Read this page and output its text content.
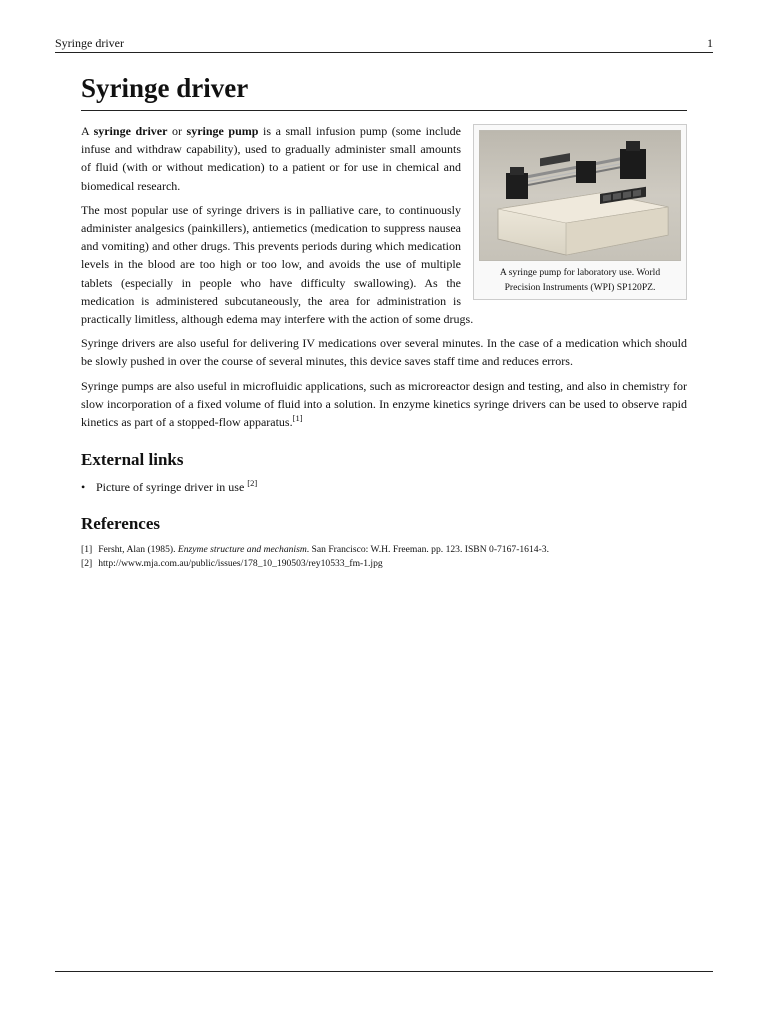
Syringe driver	1
Syringe driver
A syringe pump for laboratory use. World Precision Instruments (WPI) SP120PZ.

A syringe driver or syringe pump is a small infusion pump (some include infuse and withdraw capability), used to gradually administer small amounts of fluid (with or without medication) to a patient or for use in chemical and biomedical research.

The most popular use of syringe drivers is in palliative care, to continuously administer analgesics (painkillers), antiemetics (medication to suppress nausea and vomiting) and other drugs. This prevents periods during which medication levels in the blood are too high or too low, and avoids the use of multiple tablets (especially in people who have difficulty swallowing). As the medication is administered subcutaneously, the area for administration is practically limitless, although edema may interfere with the action of some drugs.

Syringe drivers are also useful for delivering IV medications over several minutes. In the case of a medication which should be slowly pushed in over the course of several minutes, this device saves staff time and reduces errors.

Syringe pumps are also useful in microfluidic applications, such as microreactor design and testing, and also in chemistry for slow incorporation of a fixed volume of fluid into a solution. In enzyme kinetics syringe drivers can be used to observe rapid kinetics as part of a stopped-flow apparatus.[1]

External links
• Picture of syringe driver in use [2]
References
[1] Fersht, Alan (1985). Enzyme structure and mechanism. San Francisco: W.H. Freeman. pp. 123. ISBN 0-7167-1614-3.
[2] http://www.mja.com.au/public/issues/178_10_190503/rey10533_fm-1.jpg
